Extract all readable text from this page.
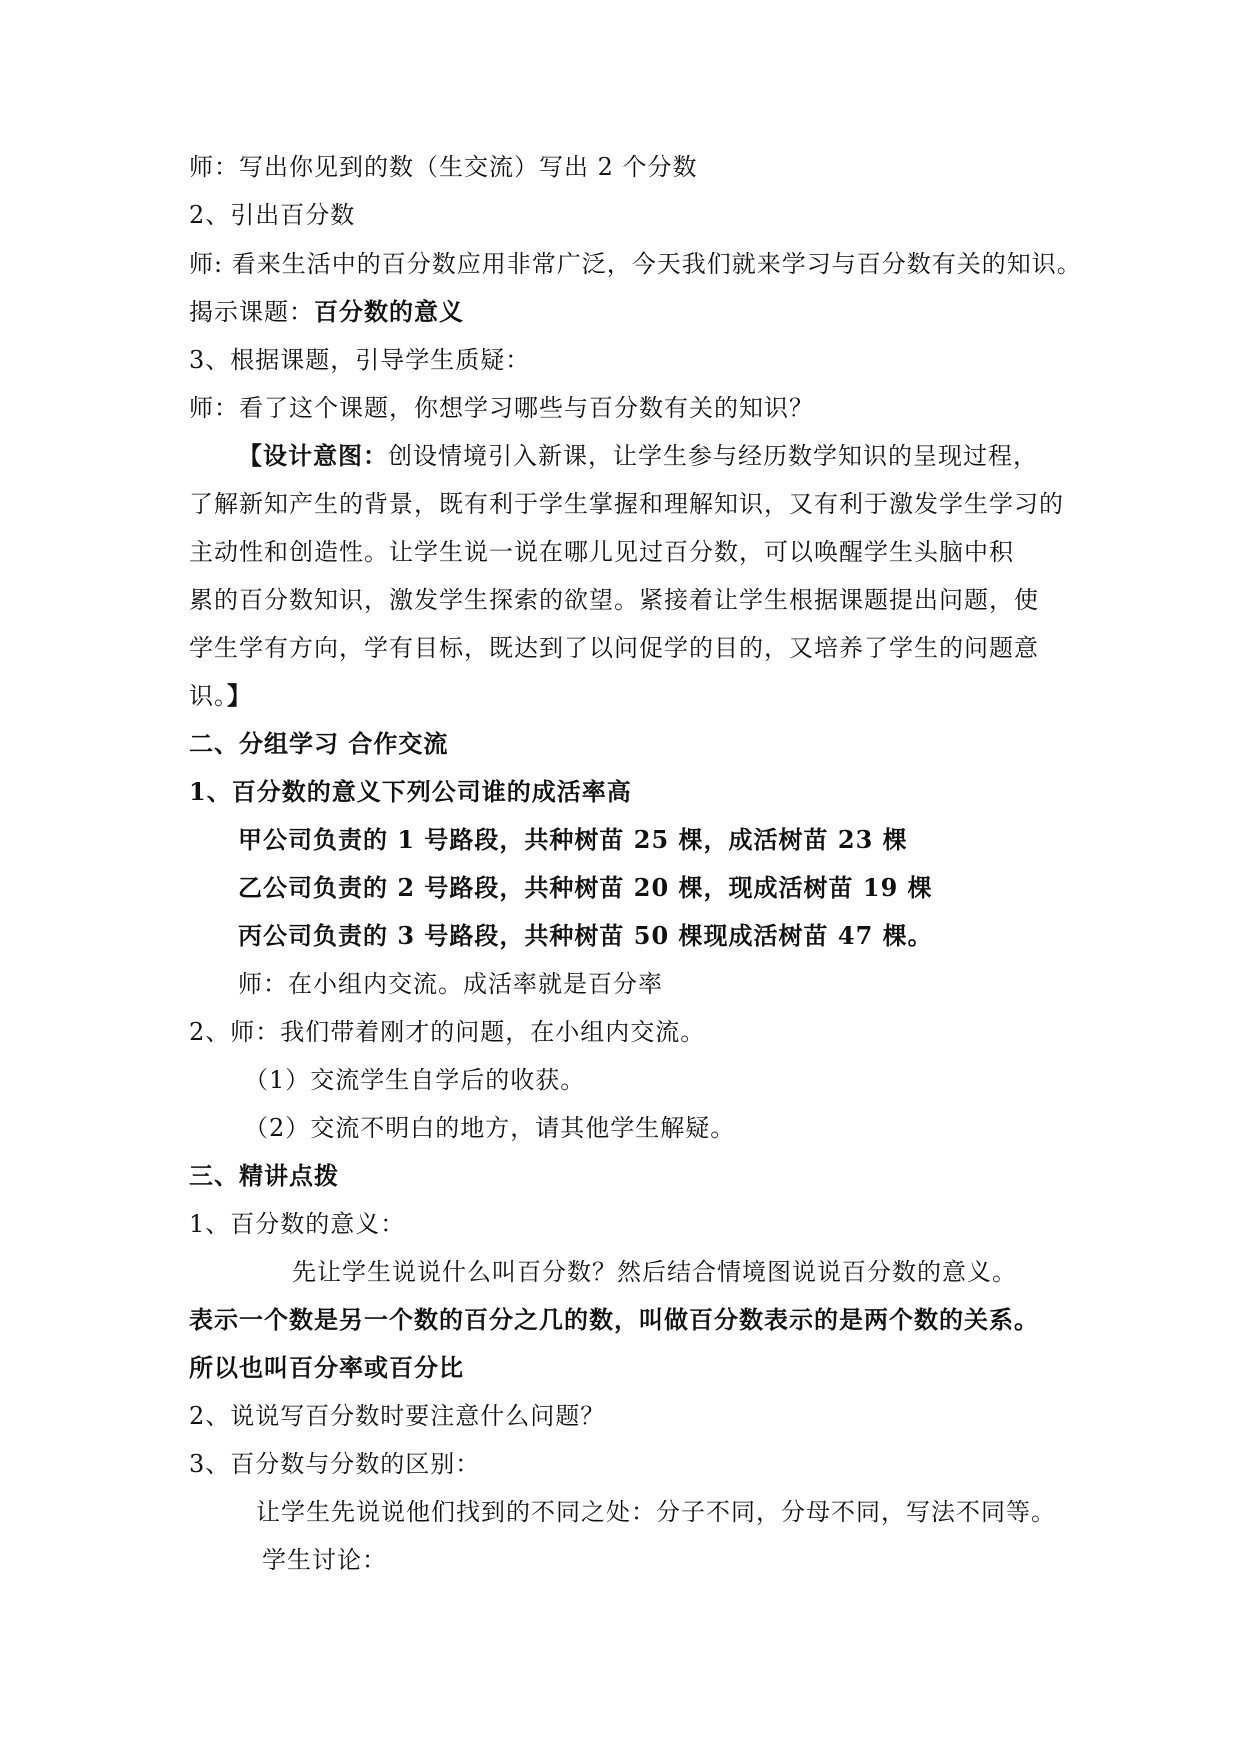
师：写出你见到的数（生交流）写出 2 个分数
2、引出百分数
师: 看来生活中的百分数应用非常广泛，今天我们就来学习与百分数有关的知识。
揭示课题：百分数的意义
3、根据课题，引导学生质疑：
师：看了这个课题，你想学习哪些与百分数有关的知识？
【设计意图：创设情境引入新课，让学生参与经历数学知识的呈现过程，
了解新知产生的背景，既有利于学生掌握和理解知识，又有利于激发学生学习的
主动性和创造性。让学生说一说在哪儿见过百分数，可以唤醒学生头脑中积
累的百分数知识，激发学生探索的欲望。紧接着让学生根据课题提出问题，使
学生学有方向，学有目标，既达到了以问促学的目的，又培养了学生的问题意
识。】
二、分组学习 合作交流
1、百分数的意义下列公司谁的成活率高
甲公司负责的 1 号路段，共种树苗 25 棵，成活树苗 23 棵
乙公司负责的 2 号路段，共种树苗 20 棵，现成活树苗 19 棵
丙公司负责的 3 号路段，共种树苗 50 棵现成活树苗 47 棵。
师：在小组内交流。成活率就是百分率
2、师：我们带着刚才的问题，在小组内交流。
（1）交流学生自学后的收获。
（2）交流不明白的地方，请其他学生解疑。
三、精讲点拨
1、百分数的意义：
先让学生说说什么叫百分数？然后结合情境图说说百分数的意义。
表示一个数是另一个数的百分之几的数，叫做百分数表示的是两个数的关系。
所以也叫百分率或百分比
2、说说写百分数时要注意什么问题？
3、百分数与分数的区别：
让学生先说说他们找到的不同之处：分子不同，分母不同，写法不同等。
学生讨论：
